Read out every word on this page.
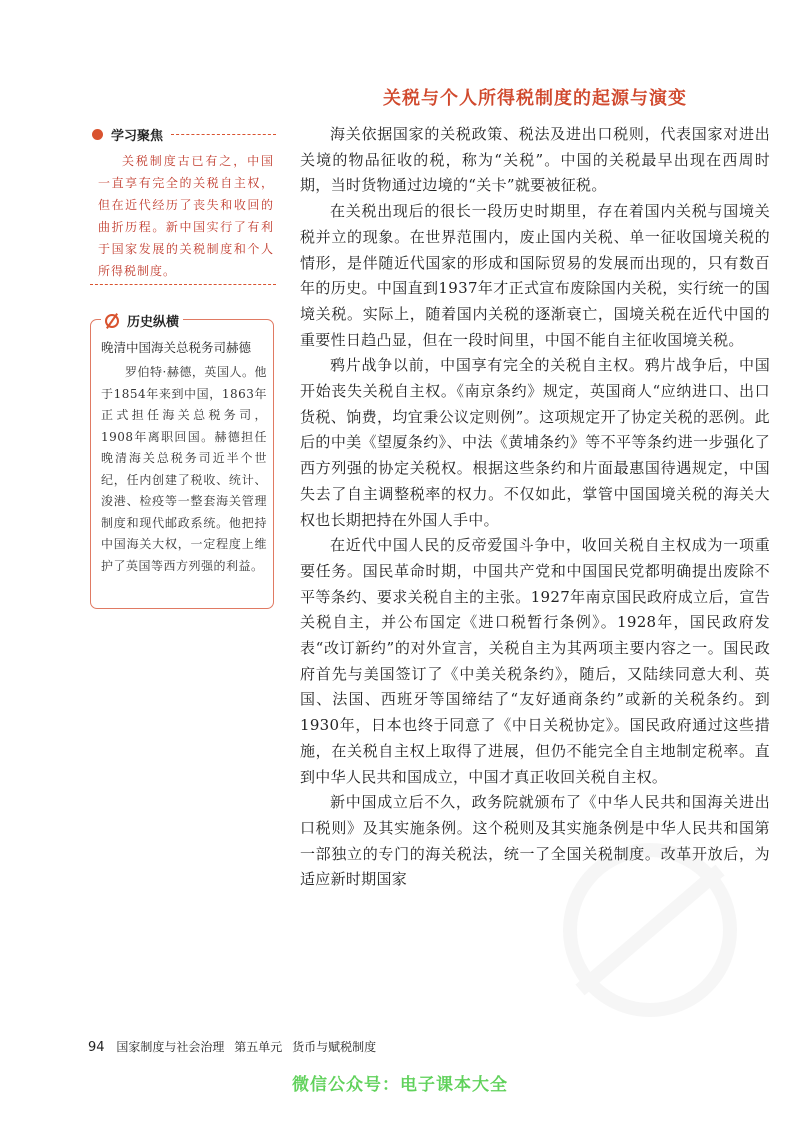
关税与个人所得税制度的起源与演变
学习聚焦

关税制度古已有之，中国一直享有完全的关税自主权，但在近代经历了丧失和收回的曲折历程。新中国实行了有利于国家发展的关税制度和个人所得税制度。

历史纵横

晚清中国海关总税务司赫德

罗伯特·赫德，英国人。他于1854年来到中国，1863年正式担任海关总税务司，1908年离职回国。赫德担任晚清海关总税务司近半个世纪，任内创建了税收、统计、浚港、检疫等一整套海关管理制度和现代邮政系统。他把持中国海关大权，一定程度上维护了英国等西方列强的利益。

海关依据国家的关税政策、税法及进出口税则，代表国家对进出关境的物品征收的税，称为“关税”。中国的关税最早出现在西周时期，当时货物通过边境的“关卡”就要被征税。

在关税出现后的很长一段历史时期里，存在着国内关税与国境关税并立的现象。在世界范围内，废止国内关税、单一征收国境关税的情形，是伴随近代国家的形成和国际贸易的发展而出现的，只有数百年的历史。中国直到1937年才正式宣布废除国内关税，实行统一的国境关税。实际上，随着国内关税的逐渐衰亡，国境关税在近代中国的重要性日趋凸显，但在一段时间里，中国不能自主征收国境关税。

鸦片战争以前，中国享有完全的关税自主权。鸦片战争后，中国开始丧失关税自主权。《南京条约》规定，英国商人“应纳进口、出口货税、饷费，均宜秉公议定则例”。这项规定开了协定关税的恶例。此后的中美《望厦条约》、中法《黄埔条约》等不平等条约进一步强化了西方列强的协定关税权。根据这些条约和片面最惠国待遇规定，中国失去了自主调整税率的权力。不仅如此，掌管中国国境关税的海关大权也长期把持在外国人手中。

在近代中国人民的反帝爱国斗争中，收回关税自主权成为一项重要任务。国民革命时期，中国共产党和中国国民党都明确提出废除不平等条约、要求关税自主的主张。1927年南京国民政府成立后，宣告关税自主，并公布国定《进口税暂行条例》。1928年，国民政府发表“改订新约”的对外宣言，关税自主为其两项主要内容之一。国民政府首先与美国签订了《中美关税条约》，随后，又陆续同意大利、英国、法国、西班牙等国缔结了“友好通商条约”或新的关税条约。到1930年，日本也终于同意了《中日关税协定》。国民政府通过这些措施，在关税自主权上取得了进展，但仍不能完全自主地制定税率。直到中华人民共和国成立，中国才真正收回关税自主权。

新中国成立后不久，政务院就颁布了《中华人民共和国海关进出口税则》及其实施条例。这个税则及其实施条例是中华人民共和国第一部独立的专门的海关税法，统一了全国关税制度。改革开放后，为适应新时期国家

94 国家制度与社会治理 第五单元 货币与赋税制度
微信公众号：电子课本大全
